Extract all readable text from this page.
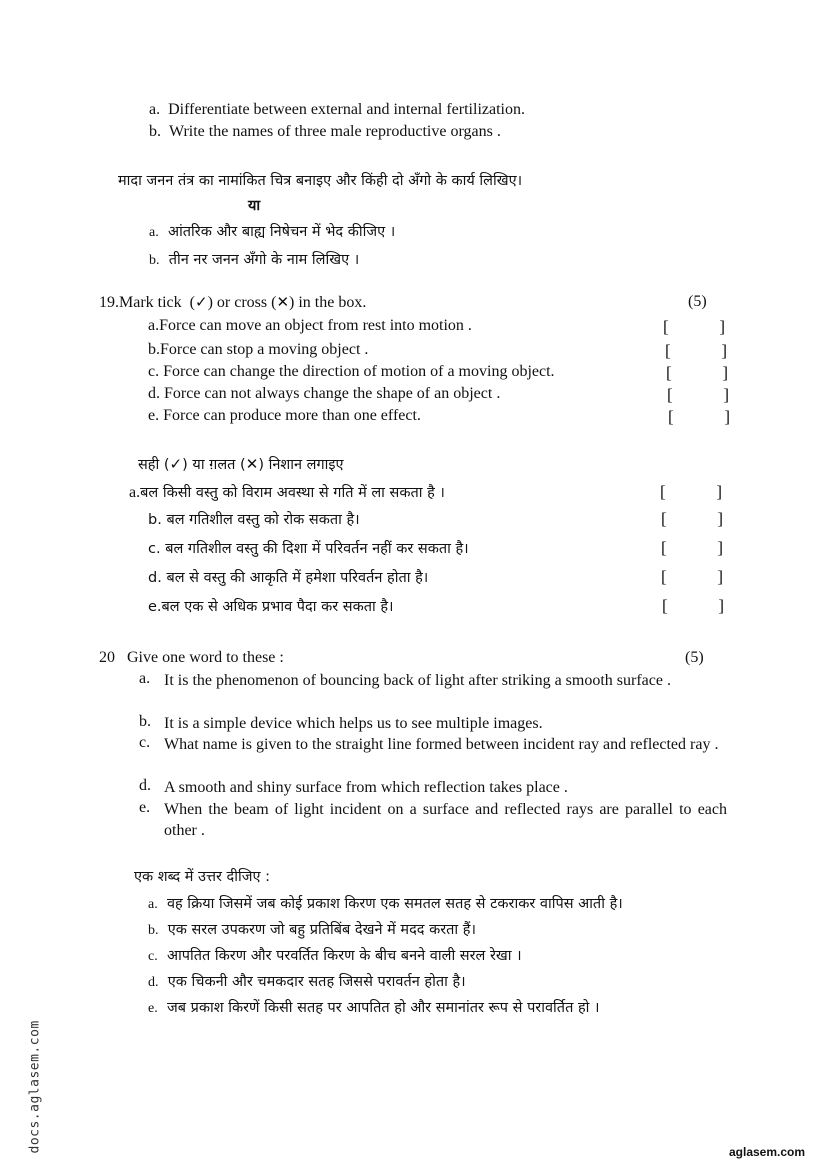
a. Differentiate between external and internal fertilization.
b. Write the names of three male reproductive organs .
मादा जनन तंत्र का नामांकित चित्र बनाइए और किंही दो अँगो के कार्य लिखिए।
या
a. आंतरिक और बाह्य निषेचन में भेद कीजिए ।
b. तीन नर जनन अँगो के नाम लिखिए ।
19.Mark tick  (✓) or cross (✕) in the box.	(5)
a.Force can move an object from rest into motion .	[	]
b.Force can stop a moving object .	[	]
c. Force can change the direction of motion of a moving object.	[	]
d. Force can not always change the shape of an object .	[	]
e. Force can produce more than one effect.	[	]
सही (✓) या ग़लत (✕) निशान लगाइए
a.बल किसी वस्तु को विराम अवस्था से गति में ला सकता है ।	[	]
b. बल गतिशील वस्तु को रोक सकता है।	[	]
c. बल गतिशील वस्तु की दिशा में परिवर्तन नहीं कर सकता है।	[	]
d. बल से वस्तु की आकृति में हमेशा परिवर्तन होता है।	[	]
e.बल एक से अधिक प्रभाव पैदा कर सकता है।	[	]
20 Give one word to these :	(5)
a. It is the phenomenon of bouncing back of light after striking a smooth surface .
b. It is a simple device which helps us to see multiple images.
c. What name is given to the straight line formed between incident ray and reflected ray .
d. A smooth and shiny surface from which reflection takes place .
e. When the beam of light incident on a surface and reflected rays are parallel to each other .
एक शब्द में उत्तर दीजिए :
a. वह क्रिया जिसमें जब कोई प्रकाश किरण एक समतल सतह से टकराकर वापिस आती है।
b. एक सरल उपकरण जो बहु प्रतिबिंब देखने में मदद करता हैं।
c. आपतित किरण और परवर्तित किरण के बीच बनने वाली सरल रेखा ।
d. एक चिकनी और चमकदार सतह जिससे परावर्तन होता है।
e. जब प्रकाश किरणें किसी सतह पर आपतित हो और समानांतर रूप से परावर्तित हो ।
docs.aglasem.com	aglasem.com
